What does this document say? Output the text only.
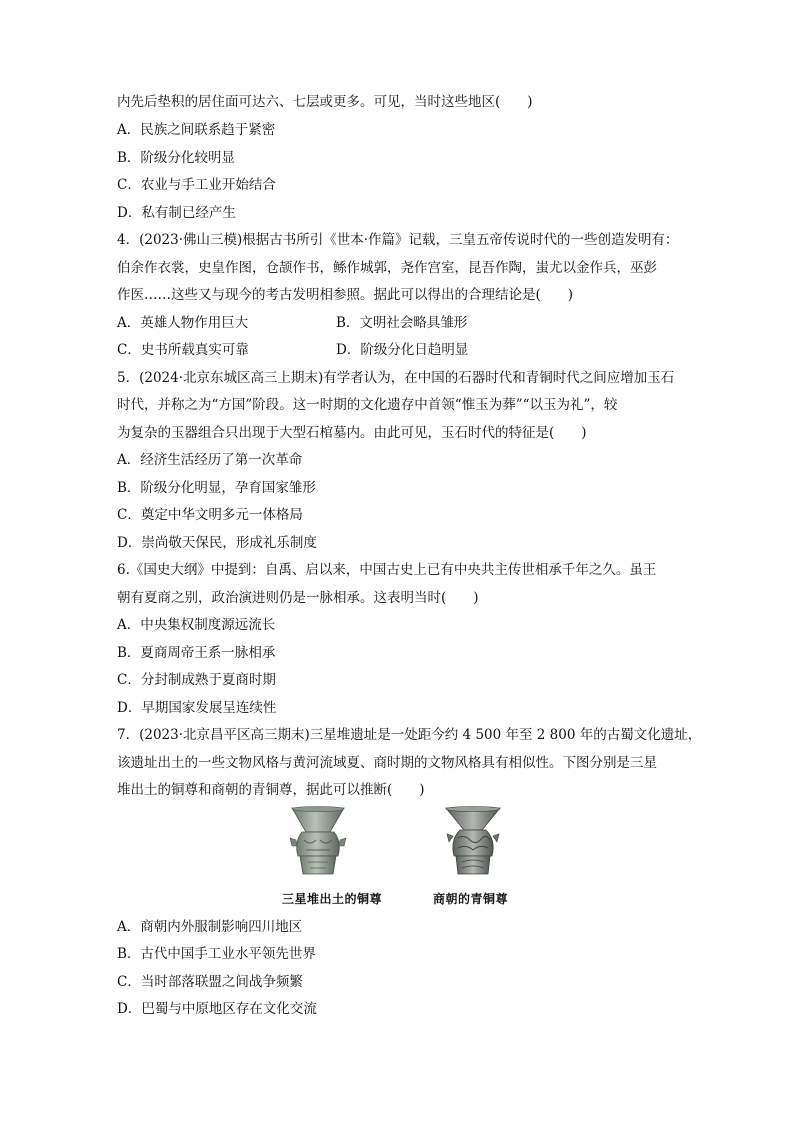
内先后垫积的居住面可达六、七层或更多。可见，当时这些地区(　　)
A．民族之间联系趋于紧密
B．阶级分化较明显
C．农业与手工业开始结合
D．私有制已经产生
4．(2023·佛山三模)根据古书所引《世本·作篇》记载，三皇五帝传说时代的一些创造发明有：
伯余作衣裳，史皇作图，仓颉作书，鲧作城郭，尧作宫室，昆吾作陶，蚩尤以金作兵，巫彭
作医……这些又与现今的考古发明相参照。据此可以得出的合理结论是(　　)
A．英雄人物作用巨大	B．文明社会略具雏形
C．史书所载真实可靠	D．阶级分化日趋明显
5．(2024·北京东城区高三上期末)有学者认为，在中国的石器时代和青铜时代之间应增加玉石
时代，并称之为“方国”阶段。这一时期的文化遗存中首领“惟玉为葬”“以玉为礼”，较
为复杂的玉器组合只出现于大型石棺墓内。由此可见，玉石时代的特征是(　　)
A．经济生活经历了第一次革命
B．阶级分化明显，孕育国家雏形
C．奠定中华文明多元一体格局
D．崇尚敬天保民，形成礼乐制度
6.《国史大纲》中提到：自禹、启以来，中国古史上已有中央共主传世相承千年之久。虽王
朝有夏商之别，政治演进则仍是一脉相承。这表明当时(　　)
A．中央集权制度源远流长
B．夏商周帝王系一脉相承
C．分封制成熟于夏商时期
D．早期国家发展呈连续性
7．(2023·北京昌平区高三期末)三星堆遗址是一处距今约 4 500 年至 2 800 年的古蜀文化遗址，
该遗址出土的一些文物风格与黄河流域夏、商时期的文物风格具有相似性。下图分别是三星
堆出土的铜尊和商朝的青铜尊，据此可以推断(　　)
三星堆出土的铜尊	商朝的青铜尊
A．商朝内外服制影响四川地区
B．古代中国手工业水平领先世界
C．当时部落联盟之间战争频繁
D．巴蜀与中原地区存在文化交流
